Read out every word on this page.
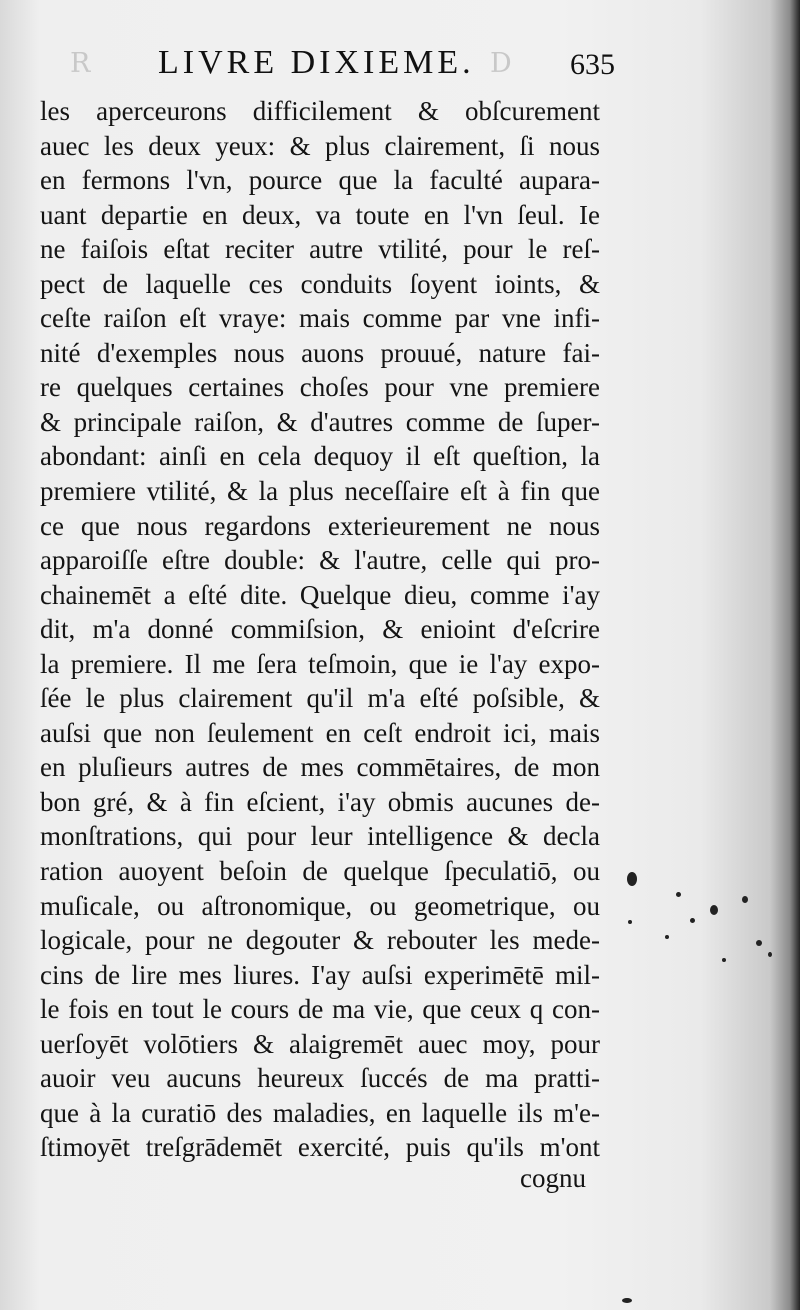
R	D
LIVRE DIXIEME.	635
les aperceurons difficilement & obſcurement
auec les deux yeux: & plus clairement, ſi nous
en fermons l'vn, pource que la faculté aupara-
uant departie en deux, va toute en l'vn ſeul. Ie
ne faiſois eſtat reciter autre vtilité, pour le reſ-
pect de laquelle ces conduits ſoyent ioints, &
ceſte raiſon eſt vraye: mais comme par vne infi-
nité d'exemples nous auons prouué, nature fai-
re quelques certaines choſes pour vne premiere
& principale raiſon, & d'autres comme de ſuper-
abondant: ainſi en cela dequoy il eſt queſtion, la
premiere vtilité, & la plus neceſſaire eſt à fin que
ce que nous regardons exterieurement ne nous
apparoiſſe eſtre double: & l'autre, celle qui pro-
chainemēt a eſté dite. Quelque dieu, comme i'ay
dit, m'a donné commiſsion, & enioint d'eſcrire
la premiere. Il me ſera teſmoin, que ie l'ay expo-
ſée le plus clairement qu'il m'a eſté poſsible, &
auſsi que non ſeulement en ceſt endroit ici, mais
en pluſieurs autres de mes commētaires, de mon
bon gré, & à fin eſcient, i'ay obmis aucunes de-
monſtrations, qui pour leur intelligence & decla
ration auoyent beſoin de quelque ſpeculatiō, ou
muſicale, ou aſtronomique, ou geometrique, ou
logicale, pour ne degouter & rebouter les mede-
cins de lire mes liures. I'ay auſsi experimētē mil-
le fois en tout le cours de ma vie, que ceux q con-
uerſoyēt volōtiers & alaigremēt auec moy, pour
auoir veu aucuns heureux ſuccés de ma pratti-
que à la curatiō des maladies, en laquelle ils m'e-
ſtimoyēt treſgrādemēt exercité, puis qu'ils m'ont
cognu
